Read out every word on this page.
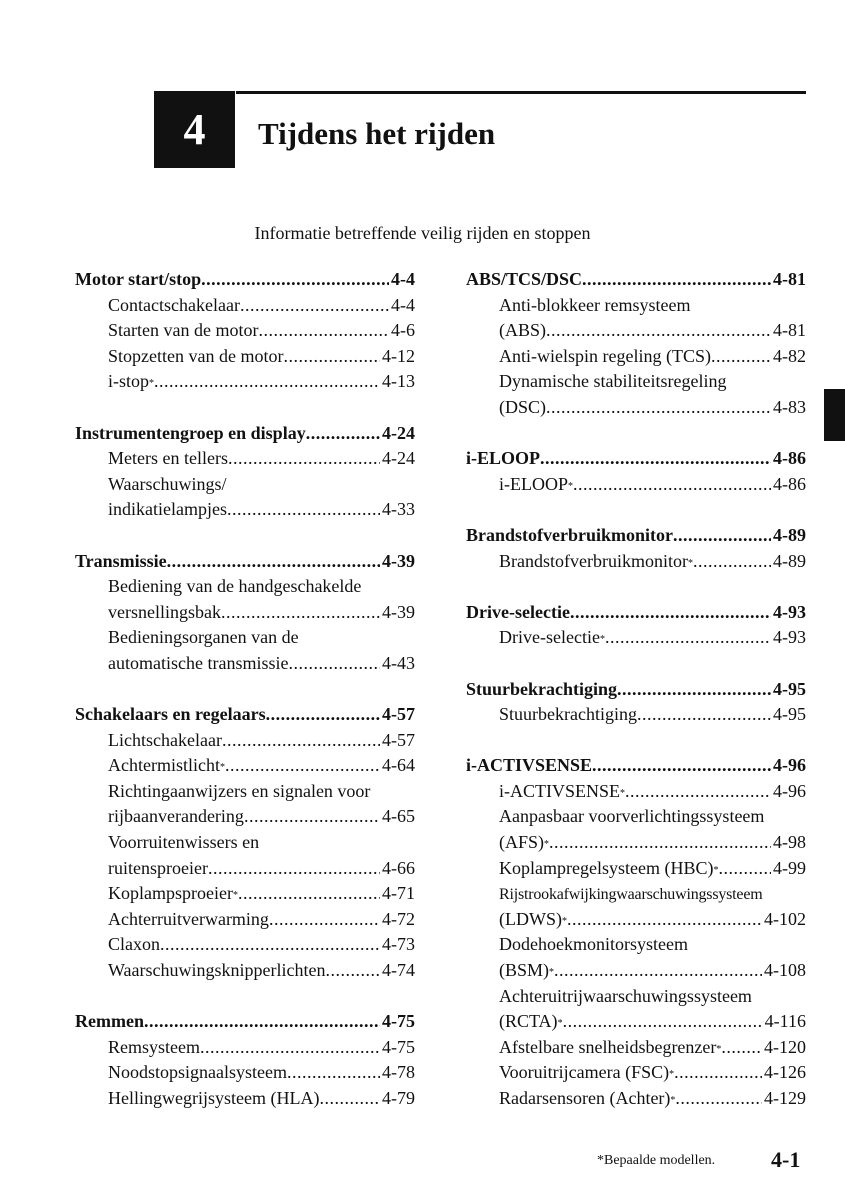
4	Tijdens het rijden
Informatie betreffende veilig rijden en stoppen
Motor start/stop .....	4-4
Contactschakelaar .....	4-4
Starten van de motor .....	4-6
Stopzetten van de motor .....	4-12
i-stop* .....	4-13
Instrumentengroep en display .....	4-24
Meters en tellers .....	4-24
Waarschuwings/
indikatielampjes .....	4-33
Transmissie .....	4-39
Bediening van de handgeschakelde
versnellingsbak .....	4-39
Bedieningsorganen van de
automatische transmissie .....	4-43
Schakelaars en regelaars .....	4-57
Lichtschakelaar .....	4-57
Achtermistlicht* .....	4-64
Richtingaanwijzers en signalen voor
rijbaanverandering .....	4-65
Voorruitenwissers en
ruitensproeier .....	4-66
Koplampsproeier* .....	4-71
Achterruitverwarming .....	4-72
Claxon .....	4-73
Waarschuwingsknipperlichten .....	4-74
Remmen .....	4-75
Remsysteem .....	4-75
Noodstopsignaalsysteem .....	4-78
Hellingwegrijsysteem (HLA) .....	4-79
ABS/TCS/DSC .....	4-81
Anti-blokkeer remsysteem
(ABS) .....	4-81
Anti-wielspin regeling (TCS) .....	4-82
Dynamische stabiliteitsregeling
(DSC) .....	4-83
i-ELOOP .....	4-86
i-ELOOP* .....	4-86
Brandstofverbruikmonitor .....	4-89
Brandstofverbruikmonitor* .....	4-89
Drive-selectie .....	4-93
Drive-selectie* .....	4-93
Stuurbekrachtiging .....	4-95
Stuurbekrachtiging .....	4-95
i-ACTIVSENSE .....	4-96
i-ACTIVSENSE* .....	4-96
Aanpasbaar voorverlichtingssysteem
(AFS)* .....	4-98
Koplampregelsysteem (HBC)* .....	4-99
Rijstrookafwijkingwaarschuwingssysteem
(LDWS)* .....	4-102
Dodehoekmonitorsysteem
(BSM)* .....	4-108
Achteruitrijwaarschuwingssysteem
(RCTA)* .....	4-116
Afstelbare snelheidsbegrenzer* ..... 4-120
Vooruitrijcamera (FSC)* .....	4-126
Radarsensoren (Achter)* .....	4-129
*Bepaalde modellen.	4-1
